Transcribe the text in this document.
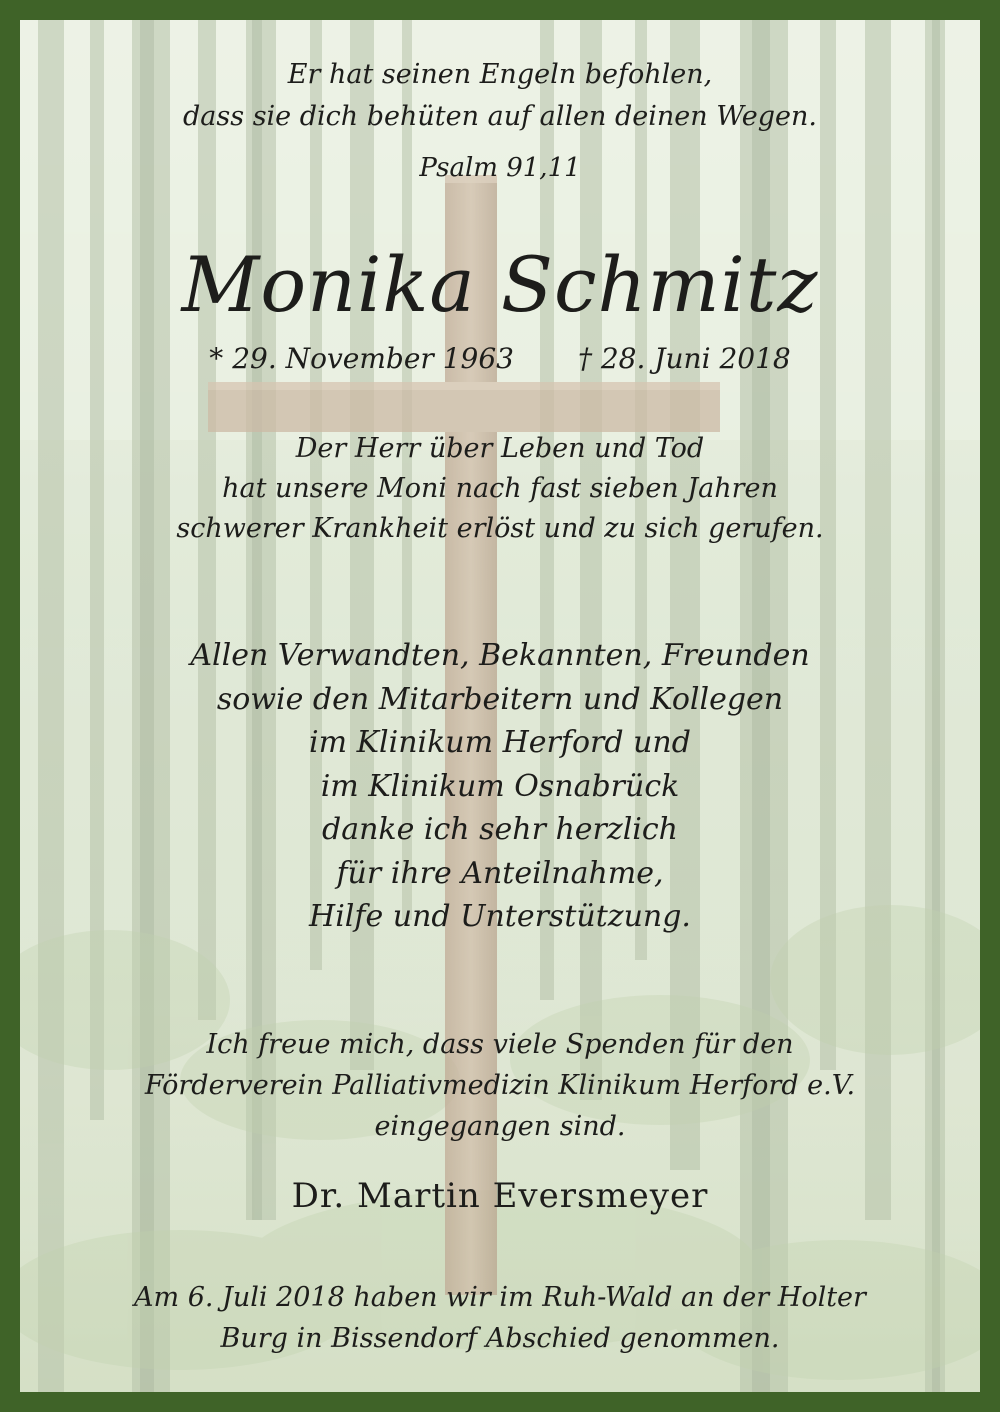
Er hat seinen Engeln befohlen,
dass sie dich behüten auf allen deinen Wegen.
Psalm 91,11
Monika Schmitz
* 29. November 1963 † 28. Juni 2018
Der Herr über Leben und Tod
hat unsere Moni nach fast sieben Jahren
schwerer Krankheit erlöst und zu sich gerufen.
Allen Verwandten, Bekannten, Freunden
sowie den Mitarbeitern und Kollegen
im Klinikum Herford und
im Klinikum Osnabrück
danke ich sehr herzlich
für ihre Anteilnahme,
Hilfe und Unterstützung.
Ich freue mich, dass viele Spenden für den
Förderverein Palliativmedizin Klinikum Herford e.V.
eingegangen sind.
Dr. Martin Eversmeyer
Am 6. Juli 2018 haben wir im Ruh-Wald an der Holter
Burg in Bissendorf Abschied genommen.
